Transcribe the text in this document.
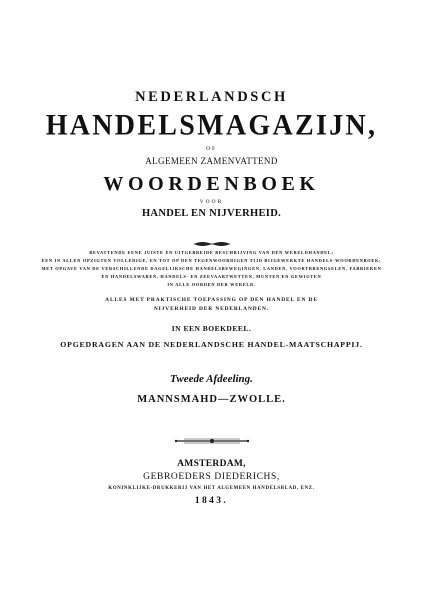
NEDERLANDSCH
HANDELSMAGAZIJN,
OF
ALGEMEEN ZAMENVATTEND
WOORDENBOEK
VOOR
HANDEL EN NIJVERHEID.
BEVATTENDE EENE JUISTE EN UITGEBREIDE BESCHRIJVING VAN DEN WERELDHANDEL;
EEN IN ALLEN OPZIGTEN VOLLEDIGE, EN TOT OP DEN TEGENWOORDIGEN TIJD BIJGEWERKTE HANDELS-WOORDENBOEK;
MET OPGAVE VAN DE VERSCHILLENDE DAGELIJKSCHE HANDELSBEWEGINGEN, LANDEN, VOORTBRENGSELEN, FABRIEKEN
EN HANDELSWAREN, HANDELS- EN ZEEVAARTWETTEN, MUNTEN EN GEWIGTEN
IN ALLE OORDEN DER WERELD.
ALLES MET PRAKTISCHE TOEPASSING OP DEN HANDEL EN DE
NIJVERHEID DER NEDERLANDEN.
IN EEN BOEKDEEL.
OPGEDRAGEN AAN DE NEDERLANDSCHE HANDEL-MAATSCHAPPIJ.
Tweede Afdeeling.
MANNSMAHD—ZWOLLE.
AMSTERDAM,
GEBROEDERS DIEDERICHS,
KONINKLIJKE-DRUKKERIJ VAN HET ALGEMEEN HANDELSBLAD, ENZ.
1843.
